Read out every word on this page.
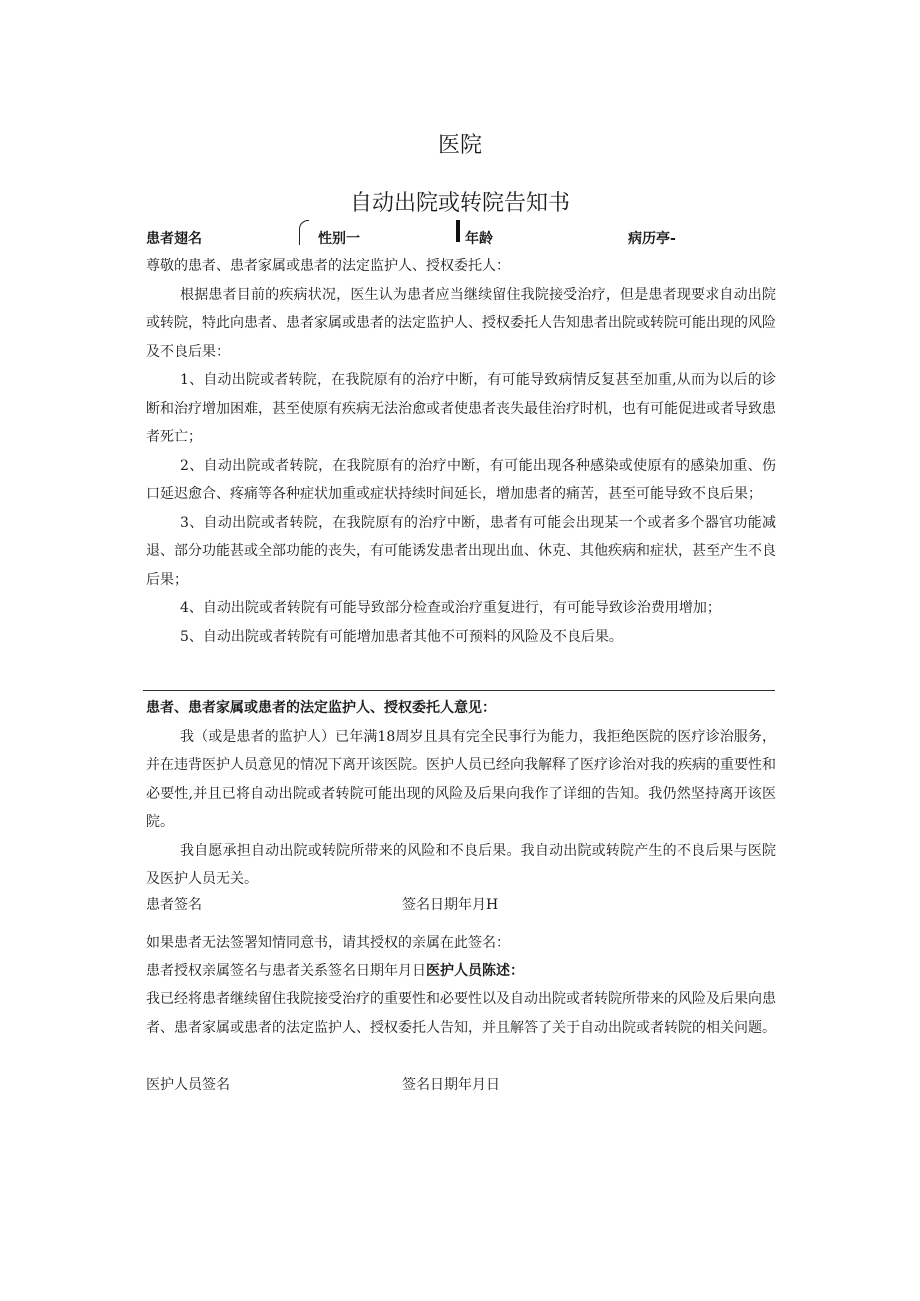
医院
自动出院或转院告知书
患者翅名	性别一	年龄	病历亭-

尊敬的患者、患者家属或患者的法定监护人、授权委托人：

根据患者目前的疾病状况，医生认为患者应当继续留住我院接受治疗，但是患者现要求自动出院或转院，特此向患者、患者家属或患者的法定监护人、授权委托人告知患者出院或转院可能出现的风险及不良后果：

1、自动出院或者转院，在我院原有的治疗中断，有可能导致病情反复甚至加重,从而为以后的诊断和治疗增加困难，甚至使原有疾病无法治愈或者使患者丧失最佳治疗时机，也有可能促进或者导致患者死亡；

2、自动出院或者转院，在我院原有的治疗中断，有可能出现各种感染或使原有的感染加重、伤口延迟愈合、疼痛等各种症状加重或症状持续时间延长，增加患者的痛苦，甚至可能导致不良后果；

3、自动出院或者转院，在我院原有的治疗中断，患者有可能会出现某一个或者多个器官功能减退、部分功能甚或全部功能的丧失，有可能诱发患者出现出血、休克、其他疾病和症状，甚至产生不良后果；

4、自动出院或者转院有可能导致部分检查或治疗重复进行，有可能导致诊治费用增加；

5、自动出院或者转院有可能增加患者其他不可预料的风险及不良后果。

患者、患者家属或患者的法定监护人、授权委托人意见：

我（或是患者的监护人）已年满18周岁且具有完全民事行为能力，我拒绝医院的医疗诊治服务，并在违背医护人员意见的情况下离开该医院。医护人员已经向我解释了医疗诊治对我的疾病的重要性和必要性,并且已将自动出院或者转院可能出现的风险及后果向我作了详细的告知。我仍然坚持离开该医院。

我自愿承担自动出院或转院所带来的风险和不良后果。我自动出院或转院产生的不良后果与医院及医护人员无关。

患者签名	签名日期年月H
如果患者无法签署知情同意书，请其授权的亲属在此签名：
患者授权亲属签名与患者关系签名日期年月日医护人员陈述：

我已经将患者继续留住我院接受治疗的重要性和必要性以及自动出院或者转院所带来的风险及后果向患者、患者家属或患者的法定监护人、授权委托人告知，并且解答了关于自动出院或者转院的相关问题。

医护人员签名	签名日期年月日
